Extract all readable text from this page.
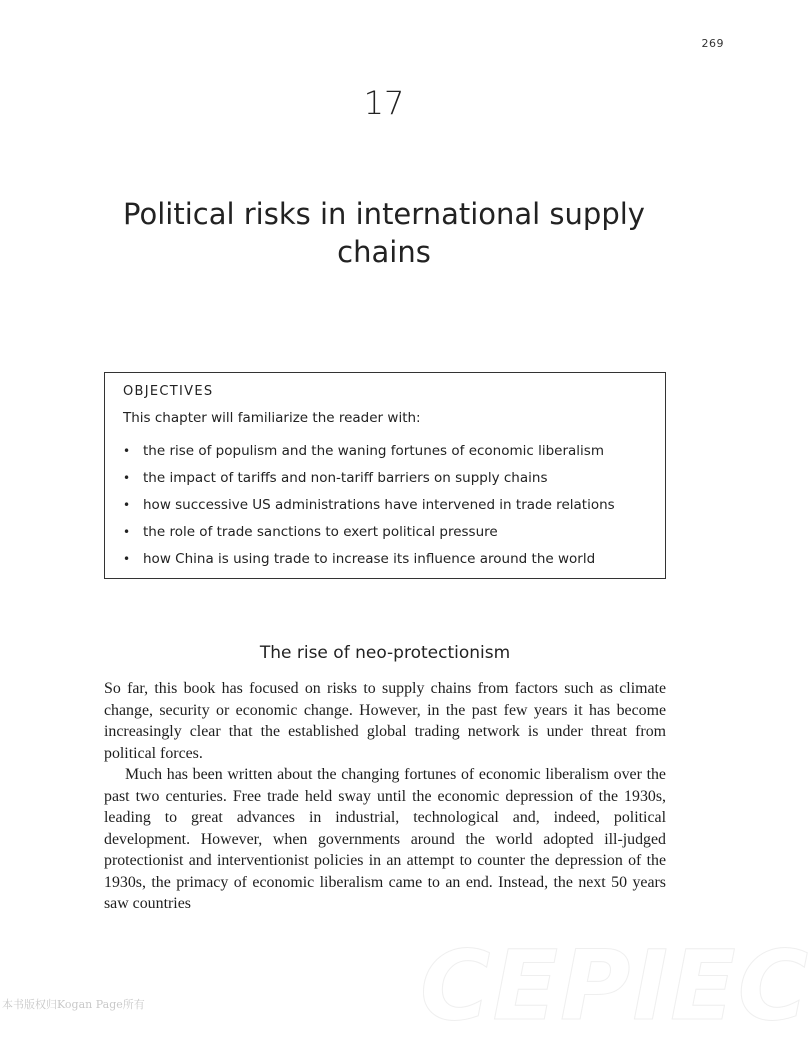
269
17
Political risks in international supply chains
OBJECTIVES
This chapter will familiarize the reader with:
• the rise of populism and the waning fortunes of economic liberalism
• the impact of tariffs and non-tariff barriers on supply chains
• how successive US administrations have intervened in trade relations
• the role of trade sanctions to exert political pressure
• how China is using trade to increase its influence around the world
The rise of neo-protectionism

So far, this book has focused on risks to supply chains from factors such as climate change, security or economic change. However, in the past few years it has become increasingly clear that the established global trading network is under threat from political forces.

Much has been written about the changing fortunes of economic liberalism over the past two centuries. Free trade held sway until the economic depression of the 1930s, leading to great advances in industrial, technological and, indeed, political development. However, when governments around the world adopted ill-judged protectionist and interventionist policies in an attempt to counter the depression of the 1930s, the primacy of economic liberalism came to an end. Instead, the next 50 years saw countries

CEPIEC
本书版权归Kogan Page所有
